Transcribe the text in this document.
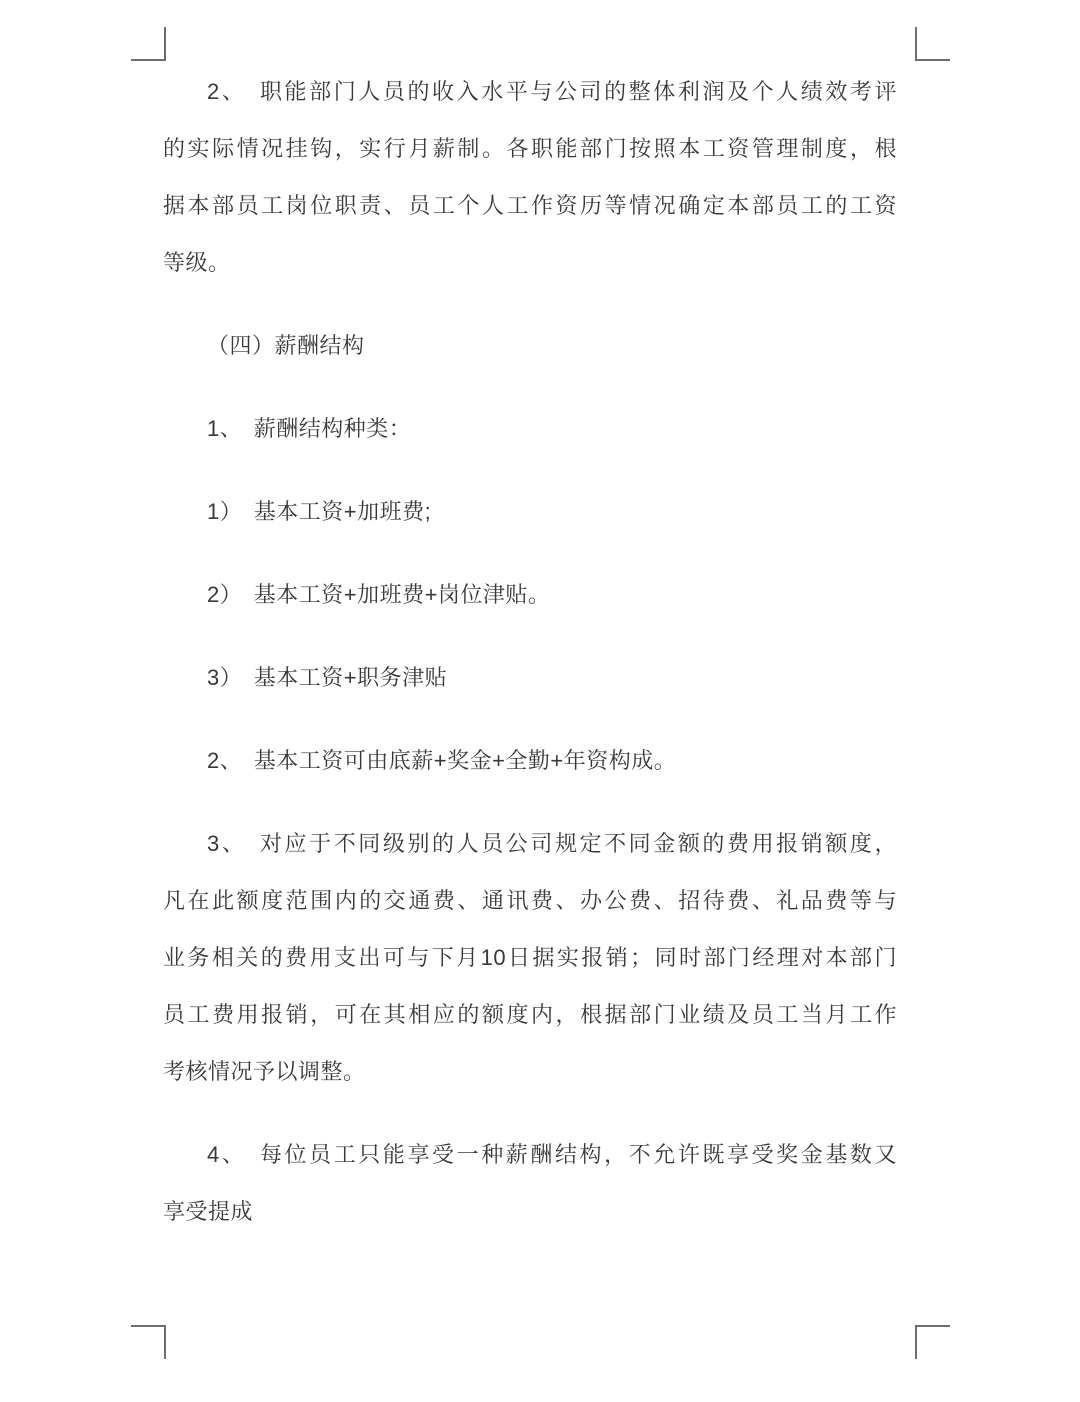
2、　职能部门人员的收入水平与公司的整体利润及个人绩效考评
的实际情况挂钩，实行月薪制。各职能部门按照本工资管理制度，根
据本部员工岗位职责、员工个人工作资历等情况确定本部员工的工资
等级。
（四）薪酬结构
1、　薪酬结构种类：
1）　基本工资+加班费;
2）　基本工资+加班费+岗位津贴。
3）　基本工资+职务津贴
2、　基本工资可由底薪+奖金+全勤+年资构成。
3、　对应于不同级别的人员公司规定不同金额的费用报销额度，
凡在此额度范围内的交通费、通讯费、办公费、招待费、礼品费等与
业务相关的费用支出可与下月10日据实报销；同时部门经理对本部门
员工费用报销，可在其相应的额度内，根据部门业绩及员工当月工作
考核情况予以调整。
4、　每位员工只能享受一种薪酬结构，不允许既享受奖金基数又
享受提成
